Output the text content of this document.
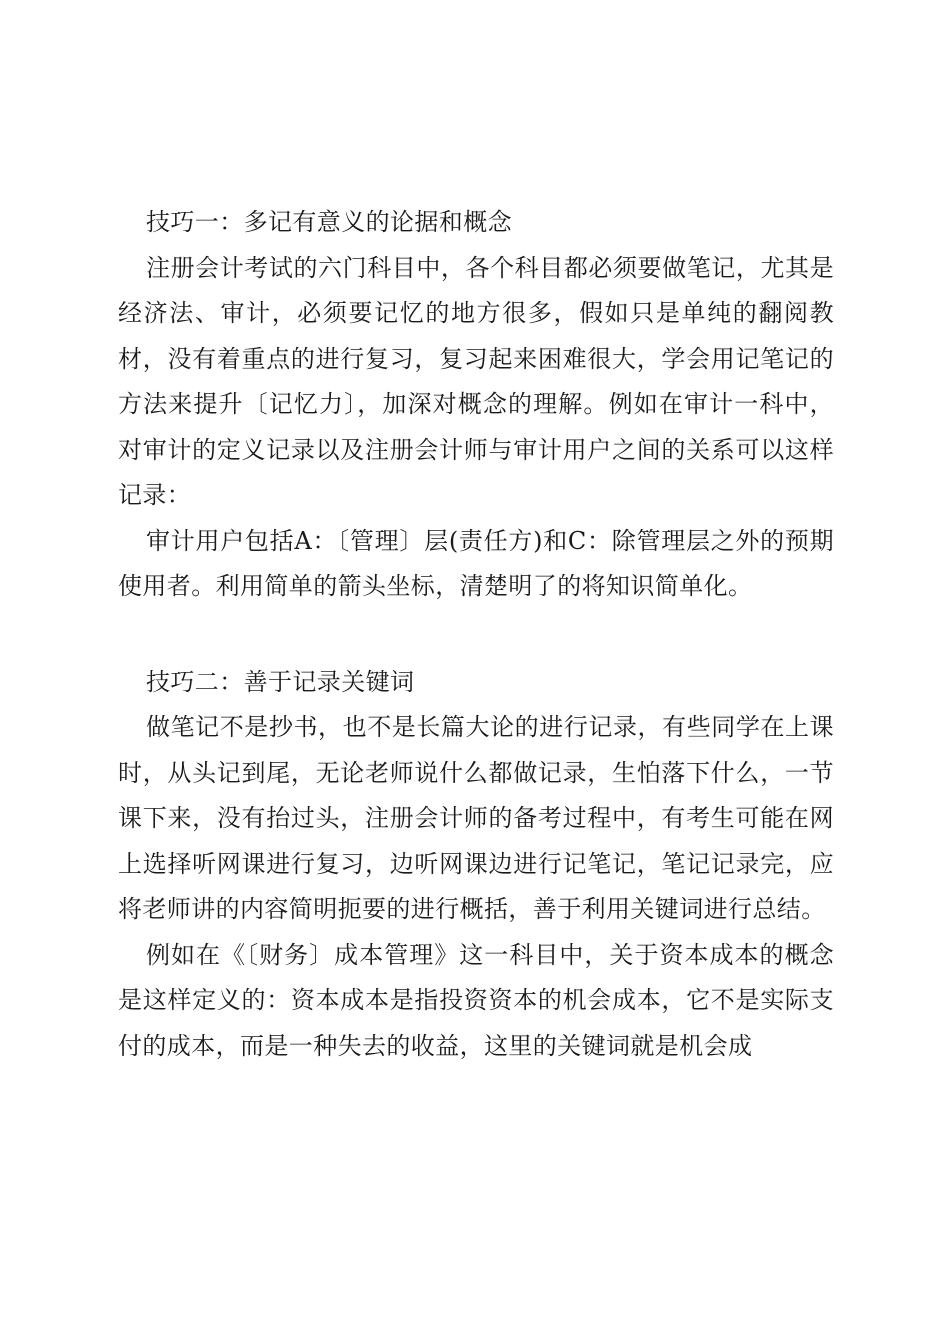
技巧一：多记有意义的论据和概念

注册会计考试的六门科目中，各个科目都必须要做笔记，尤其是经济法、审计，必须要记忆的地方很多，假如只是单纯的翻阅教材，没有着重点的进行复习，复习起来困难很大，学会用记笔记的方法来提升〔记忆力〕，加深对概念的理解。例如在审计一科中，对审计的定义记录以及注册会计师与审计用户之间的关系可以这样记录：

审计用户包括A：〔管理〕层(责任方)和C：除管理层之外的预期使用者。利用简单的箭头坐标，清楚明了的将知识简单化。

技巧二：善于记录关键词

做笔记不是抄书，也不是长篇大论的进行记录，有些同学在上课时，从头记到尾，无论老师说什么都做记录，生怕落下什么，一节课下来，没有抬过头，注册会计师的备考过程中，有考生可能在网上选择听网课进行复习，边听网课边进行记笔记，笔记记录完，应将老师讲的内容简明扼要的进行概括，善于利用关键词进行总结。

例如在《〔财务〕成本管理》这一科目中，关于资本成本的概念是这样定义的：资本成本是指投资资本的机会成本，它不是实际支付的成本，而是一种失去的收益，这里的关键词就是机会成
